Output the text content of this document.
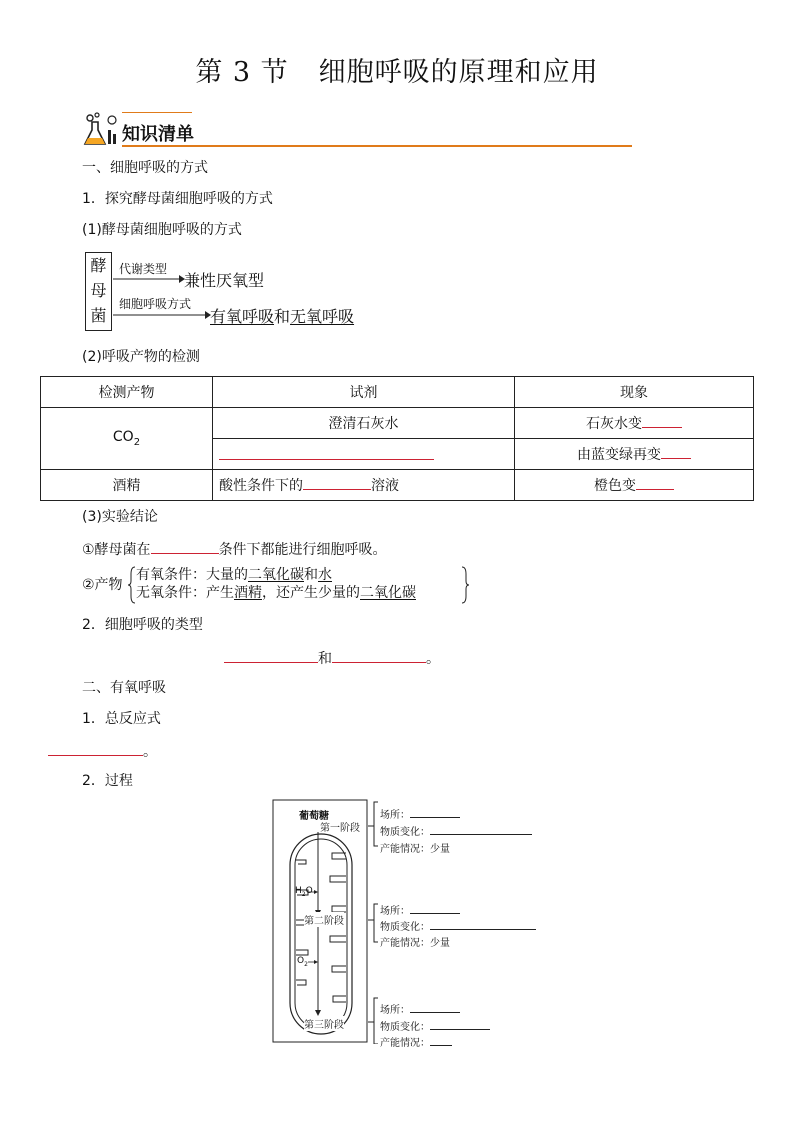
第 3 节 细胞呼吸的原理和应用
知识清单
一、细胞呼吸的方式
1．探究酵母菌细胞呼吸的方式
(1)酵母菌细胞呼吸的方式
酵
母
菌
代谢类型
兼性厌氧型
细胞呼吸方式
有氧呼吸和无氧呼吸
(2)呼吸产物的检测
检测产物	试剂	现象
$CO_2$	澄清石灰水	石灰水变
		由蓝变绿再变
酒精	酸性条件下的 溶液	橙色变
(3)实验结论
①酵母菌在	条件下都能进行细胞呼吸。
②产物
有氧条件：大量的二氧化碳和水
无氧条件：产生酒精，还产生少量的二氧化碳
2．细胞呼吸的类型
和	。
二、有氧呼吸
1．总反应式
。
2．过程
葡萄糖
第一阶段
第二阶段
第三阶段
$H_2O$
$O_2$
场所：
物质变化：
产能情况：少量
场所：
物质变化：
产能情况：少量
场所：
物质变化：
产能情况：
